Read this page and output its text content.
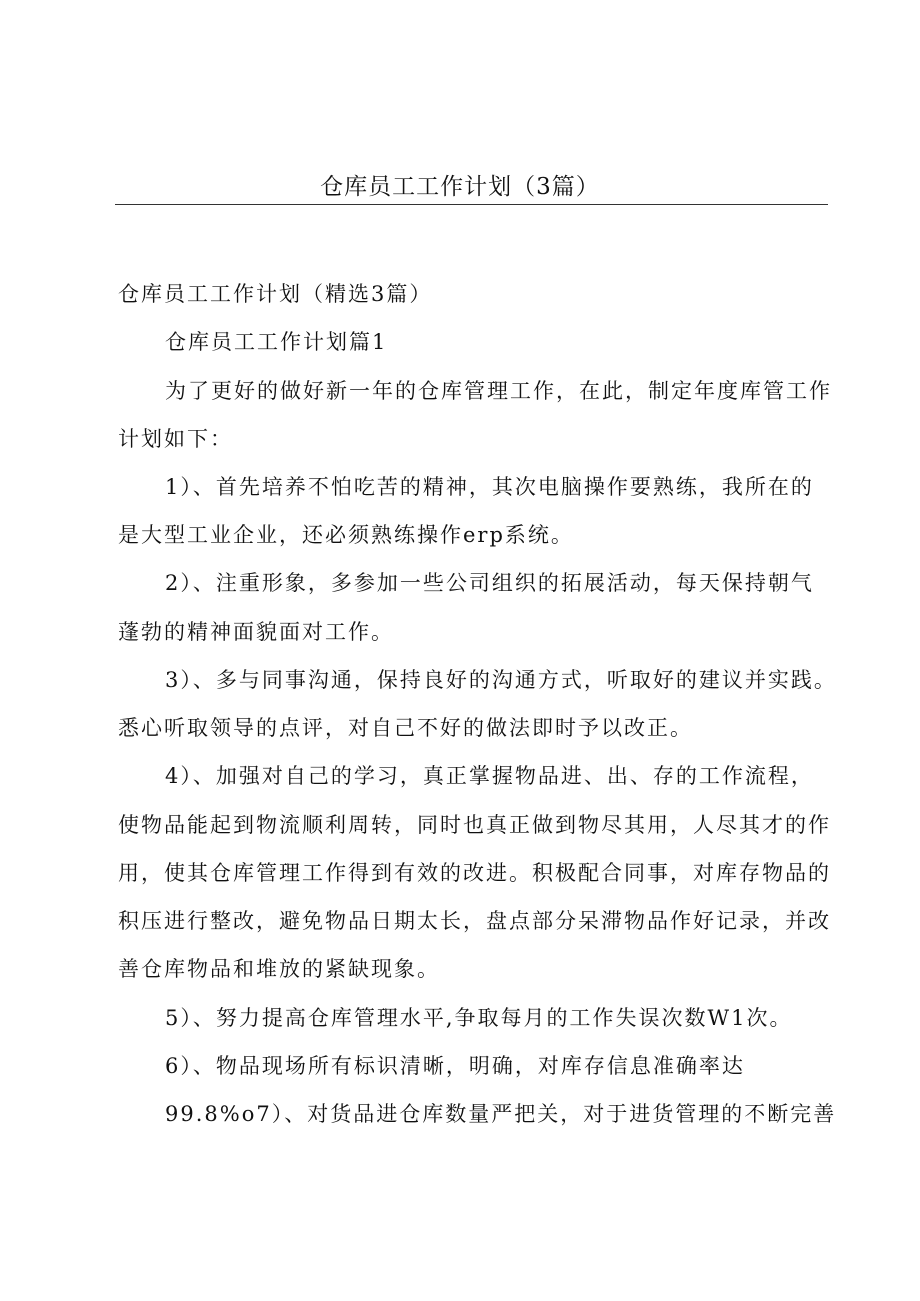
仓库员工工作计划（3篇）
仓库员工工作计划（精选3篇）
仓库员工工作计划篇1
为了更好的做好新一年的仓库管理工作，在此，制定年度库管工作
计划如下：
1）、首先培养不怕吃苦的精神，其次电脑操作要熟练，我所在的
是大型工业企业，还必须熟练操作erp系统。
2）、注重形象，多参加一些公司组织的拓展活动，每天保持朝气
蓬勃的精神面貌面对工作。
3）、多与同事沟通，保持良好的沟通方式，听取好的建议并实践。
悉心听取领导的点评，对自己不好的做法即时予以改正。
4）、加强对自己的学习，真正掌握物品进、出、存的工作流程，
使物品能起到物流顺利周转，同时也真正做到物尽其用，人尽其才的作
用，使其仓库管理工作得到有效的改进。积极配合同事，对库存物品的
积压进行整改，避免物品日期太长，盘点部分呆滞物品作好记录，并改
善仓库物品和堆放的紧缺现象。
5）、努力提高仓库管理水平,争取每月的工作失误次数W1次。
6）、物品现场所有标识清晰，明确，对库存信息准确率达
99.8%o7）、对货品进仓库数量严把关，对于进货管理的不断完善
